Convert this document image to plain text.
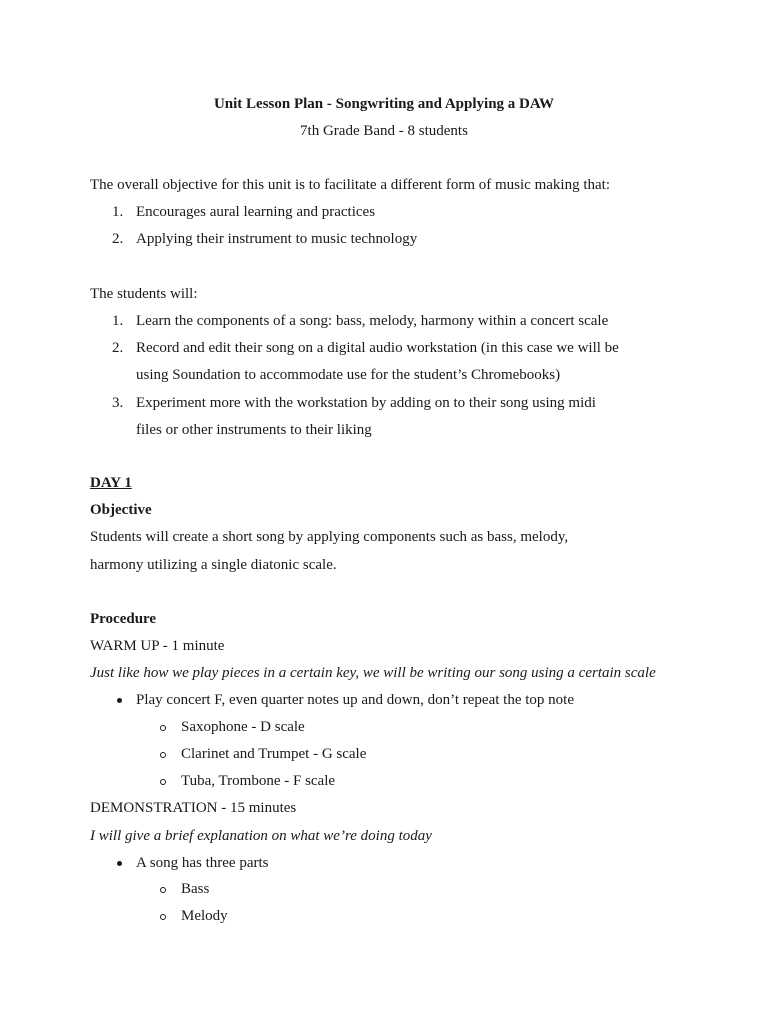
Unit Lesson Plan - Songwriting and Applying a DAW
7th Grade Band - 8 students
The overall objective for this unit is to facilitate a different form of music making that:
1. Encourages aural learning and practices
2. Applying their instrument to music technology
The students will:
1. Learn the components of a song: bass, melody, harmony within a concert scale
2. Record and edit their song on a digital audio workstation (in this case we will be
using Soundation to accommodate use for the student’s Chromebooks)
3. Experiment more with the workstation by adding on to their song using midi
files or other instruments to their liking
DAY 1
Objective
Students will create a short song by applying components such as bass, melody,
harmony utilizing a single diatonic scale.
Procedure
WARM UP - 1 minute
Just like how we play pieces in a certain key, we will be writing our song using a certain scale
Play concert F, even quarter notes up and down, don’t repeat the top note
Saxophone - D scale
Clarinet and Trumpet - G scale
Tuba, Trombone - F scale
DEMONSTRATION - 15 minutes
I will give a brief explanation on what we’re doing today
A song has three parts
Bass
Melody
